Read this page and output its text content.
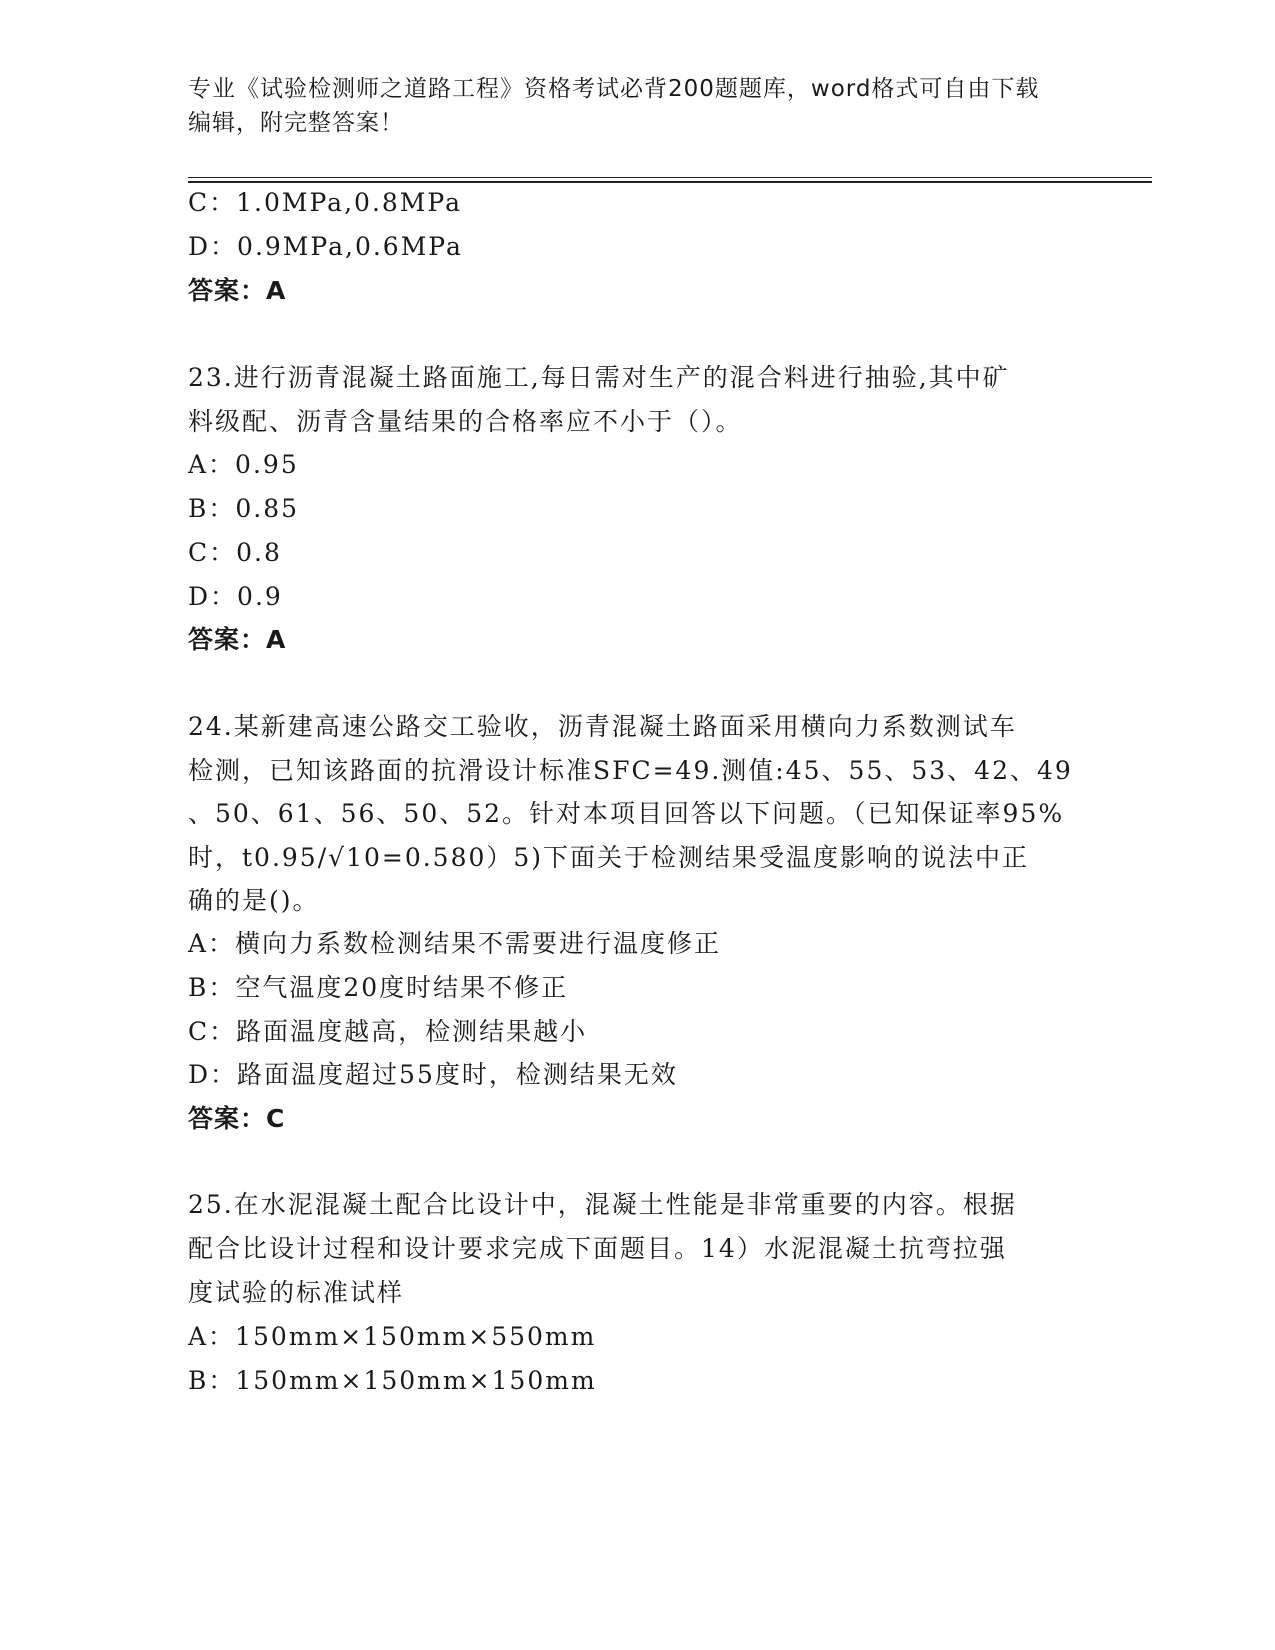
专业《试验检测师之道路工程》资格考试必背200题题库，word格式可自由下载
编辑，附完整答案！
C：1.0MPa,0.8MPa
D：0.9MPa,0.6MPa
答案：A
23.进行沥青混凝土路面施工,每日需对生产的混合料进行抽验,其中矿
料级配、沥青含量结果的合格率应不小于（）。
A：0.95
B：0.85
C：0.8
D：0.9
答案：A
24.某新建高速公路交工验收，沥青混凝土路面采用横向力系数测试车
检测，已知该路面的抗滑设计标准SFC=49.测值:45、55、53、42、49
、50、61、56、50、52。针对本项目回答以下问题。（已知保证率95%
时，t0.95/√10=0.580）5)下面关于检测结果受温度影响的说法中正
确的是()。
A：横向力系数检测结果不需要进行温度修正
B：空气温度20度时结果不修正
C：路面温度越高，检测结果越小
D：路面温度超过55度时，检测结果无效
答案：C
25.在水泥混凝土配合比设计中，混凝土性能是非常重要的内容。根据
配合比设计过程和设计要求完成下面题目。14）水泥混凝土抗弯拉强
度试验的标准试样
A：150mm×150mm×550mm
B：150mm×150mm×150mm
